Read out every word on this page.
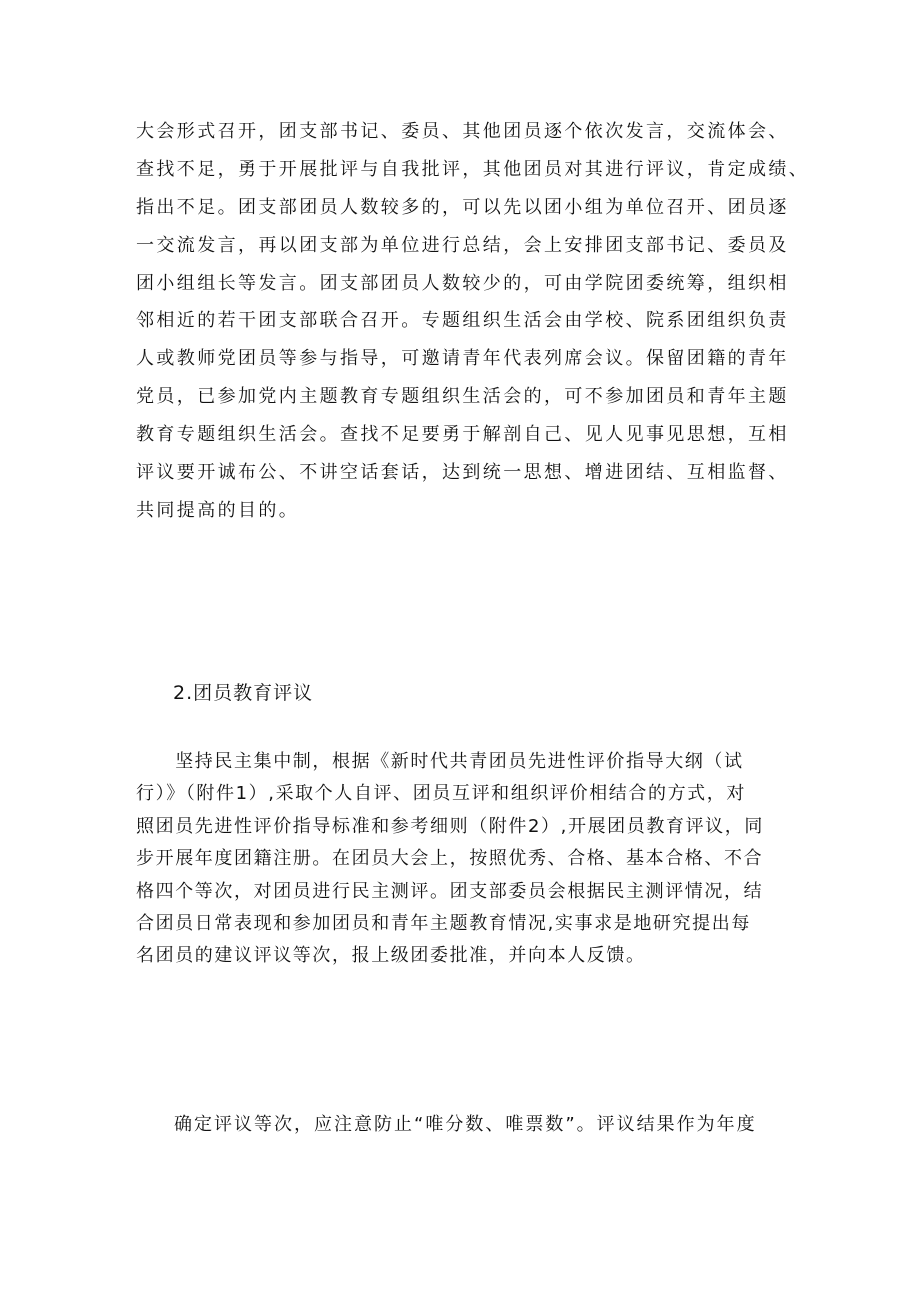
大会形式召开，团支部书记、委员、其他团员逐个依次发言，交流体会、
查找不足，勇于开展批评与自我批评，其他团员对其进行评议，肯定成绩、
指出不足。团支部团员人数较多的，可以先以团小组为单位召开、团员逐
一交流发言，再以团支部为单位进行总结，会上安排团支部书记、委员及
团小组组长等发言。团支部团员人数较少的，可由学院团委统筹，组织相
邻相近的若干团支部联合召开。专题组织生活会由学校、院系团组织负责
人或教师党团员等参与指导，可邀请青年代表列席会议。保留团籍的青年
党员，已参加党内主题教育专题组织生活会的，可不参加团员和青年主题
教育专题组织生活会。查找不足要勇于解剖自己、见人见事见思想，互相
评议要开诚布公、不讲空话套话，达到统一思想、增进团结、互相监督、
共同提高的目的。
2.团员教育评议
　　坚持民主集中制，根据《新时代共青团员先进性评价指导大纲（试
行）》（附件1）,采取个人自评、团员互评和组织评价相结合的方式，对
照团员先进性评价指导标准和参考细则（附件2）,开展团员教育评议，同
步开展年度团籍注册。在团员大会上，按照优秀、合格、基本合格、不合
格四个等次，对团员进行民主测评。团支部委员会根据民主测评情况，结
合团员日常表现和参加团员和青年主题教育情况,实事求是地研究提出每
名团员的建议评议等次，报上级团委批准，并向本人反馈。
确定评议等次，应注意防止“唯分数、唯票数”。评议结果作为年度
